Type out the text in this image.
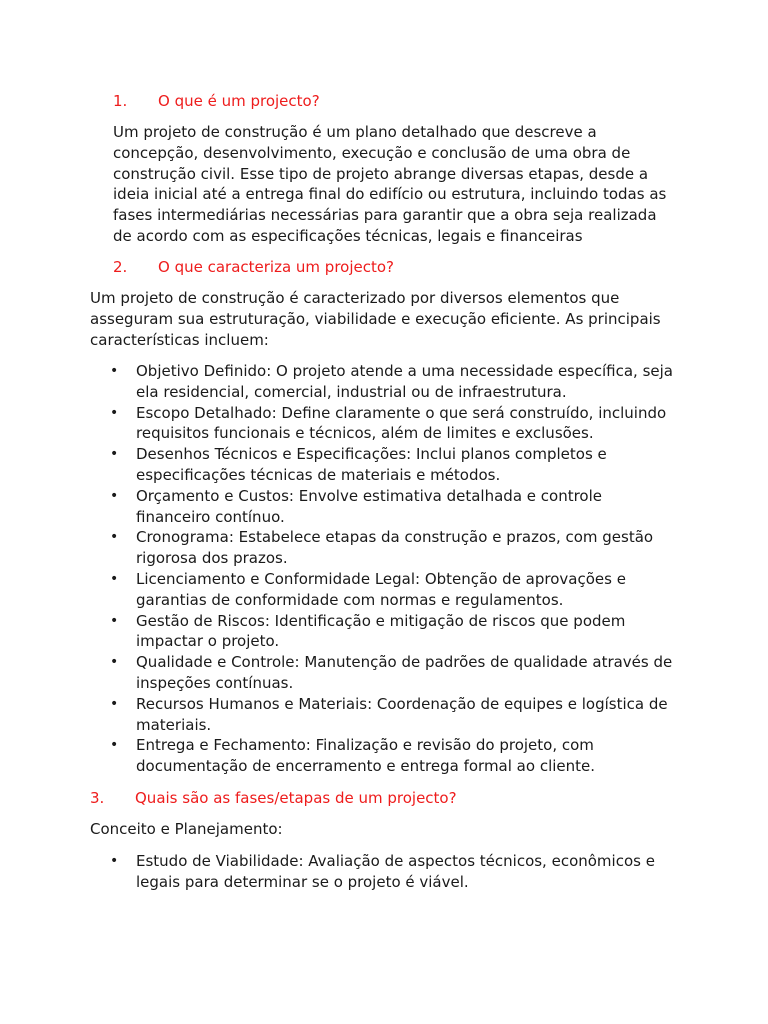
1. O que é um projecto?

Um projeto de construção é um plano detalhado que descreve a
concepção, desenvolvimento, execução e conclusão de uma obra de
construção civil. Esse tipo de projeto abrange diversas etapas, desde a
ideia inicial até a entrega final do edifício ou estrutura, incluindo todas as
fases intermediárias necessárias para garantir que a obra seja realizada
de acordo com as especificações técnicas, legais e financeiras

2. O que caracteriza um projecto?

Um projeto de construção é caracterizado por diversos elementos que
asseguram sua estruturação, viabilidade e execução eficiente. As principais
características incluem:

• Objetivo Definido: O projeto atende a uma necessidade específica, seja
ela residencial, comercial, industrial ou de infraestrutura.
• Escopo Detalhado: Define claramente o que será construído, incluindo
requisitos funcionais e técnicos, além de limites e exclusões.
• Desenhos Técnicos e Especificações: Inclui planos completos e
especificações técnicas de materiais e métodos.
• Orçamento e Custos: Envolve estimativa detalhada e controle
financeiro contínuo.
• Cronograma: Estabelece etapas da construção e prazos, com gestão
rigorosa dos prazos.
• Licenciamento e Conformidade Legal: Obtenção de aprovações e
garantias de conformidade com normas e regulamentos.
• Gestão de Riscos: Identificação e mitigação de riscos que podem
impactar o projeto.
• Qualidade e Controle: Manutenção de padrões de qualidade através de
inspeções contínuas.
• Recursos Humanos e Materiais: Coordenação de equipes e logística de
materiais.
• Entrega e Fechamento: Finalização e revisão do projeto, com
documentação de encerramento e entrega formal ao cliente.
3. Quais são as fases/etapas de um projecto?

Conceito e Planejamento:

• Estudo de Viabilidade: Avaliação de aspectos técnicos, econômicos e
legais para determinar se o projeto é viável.
